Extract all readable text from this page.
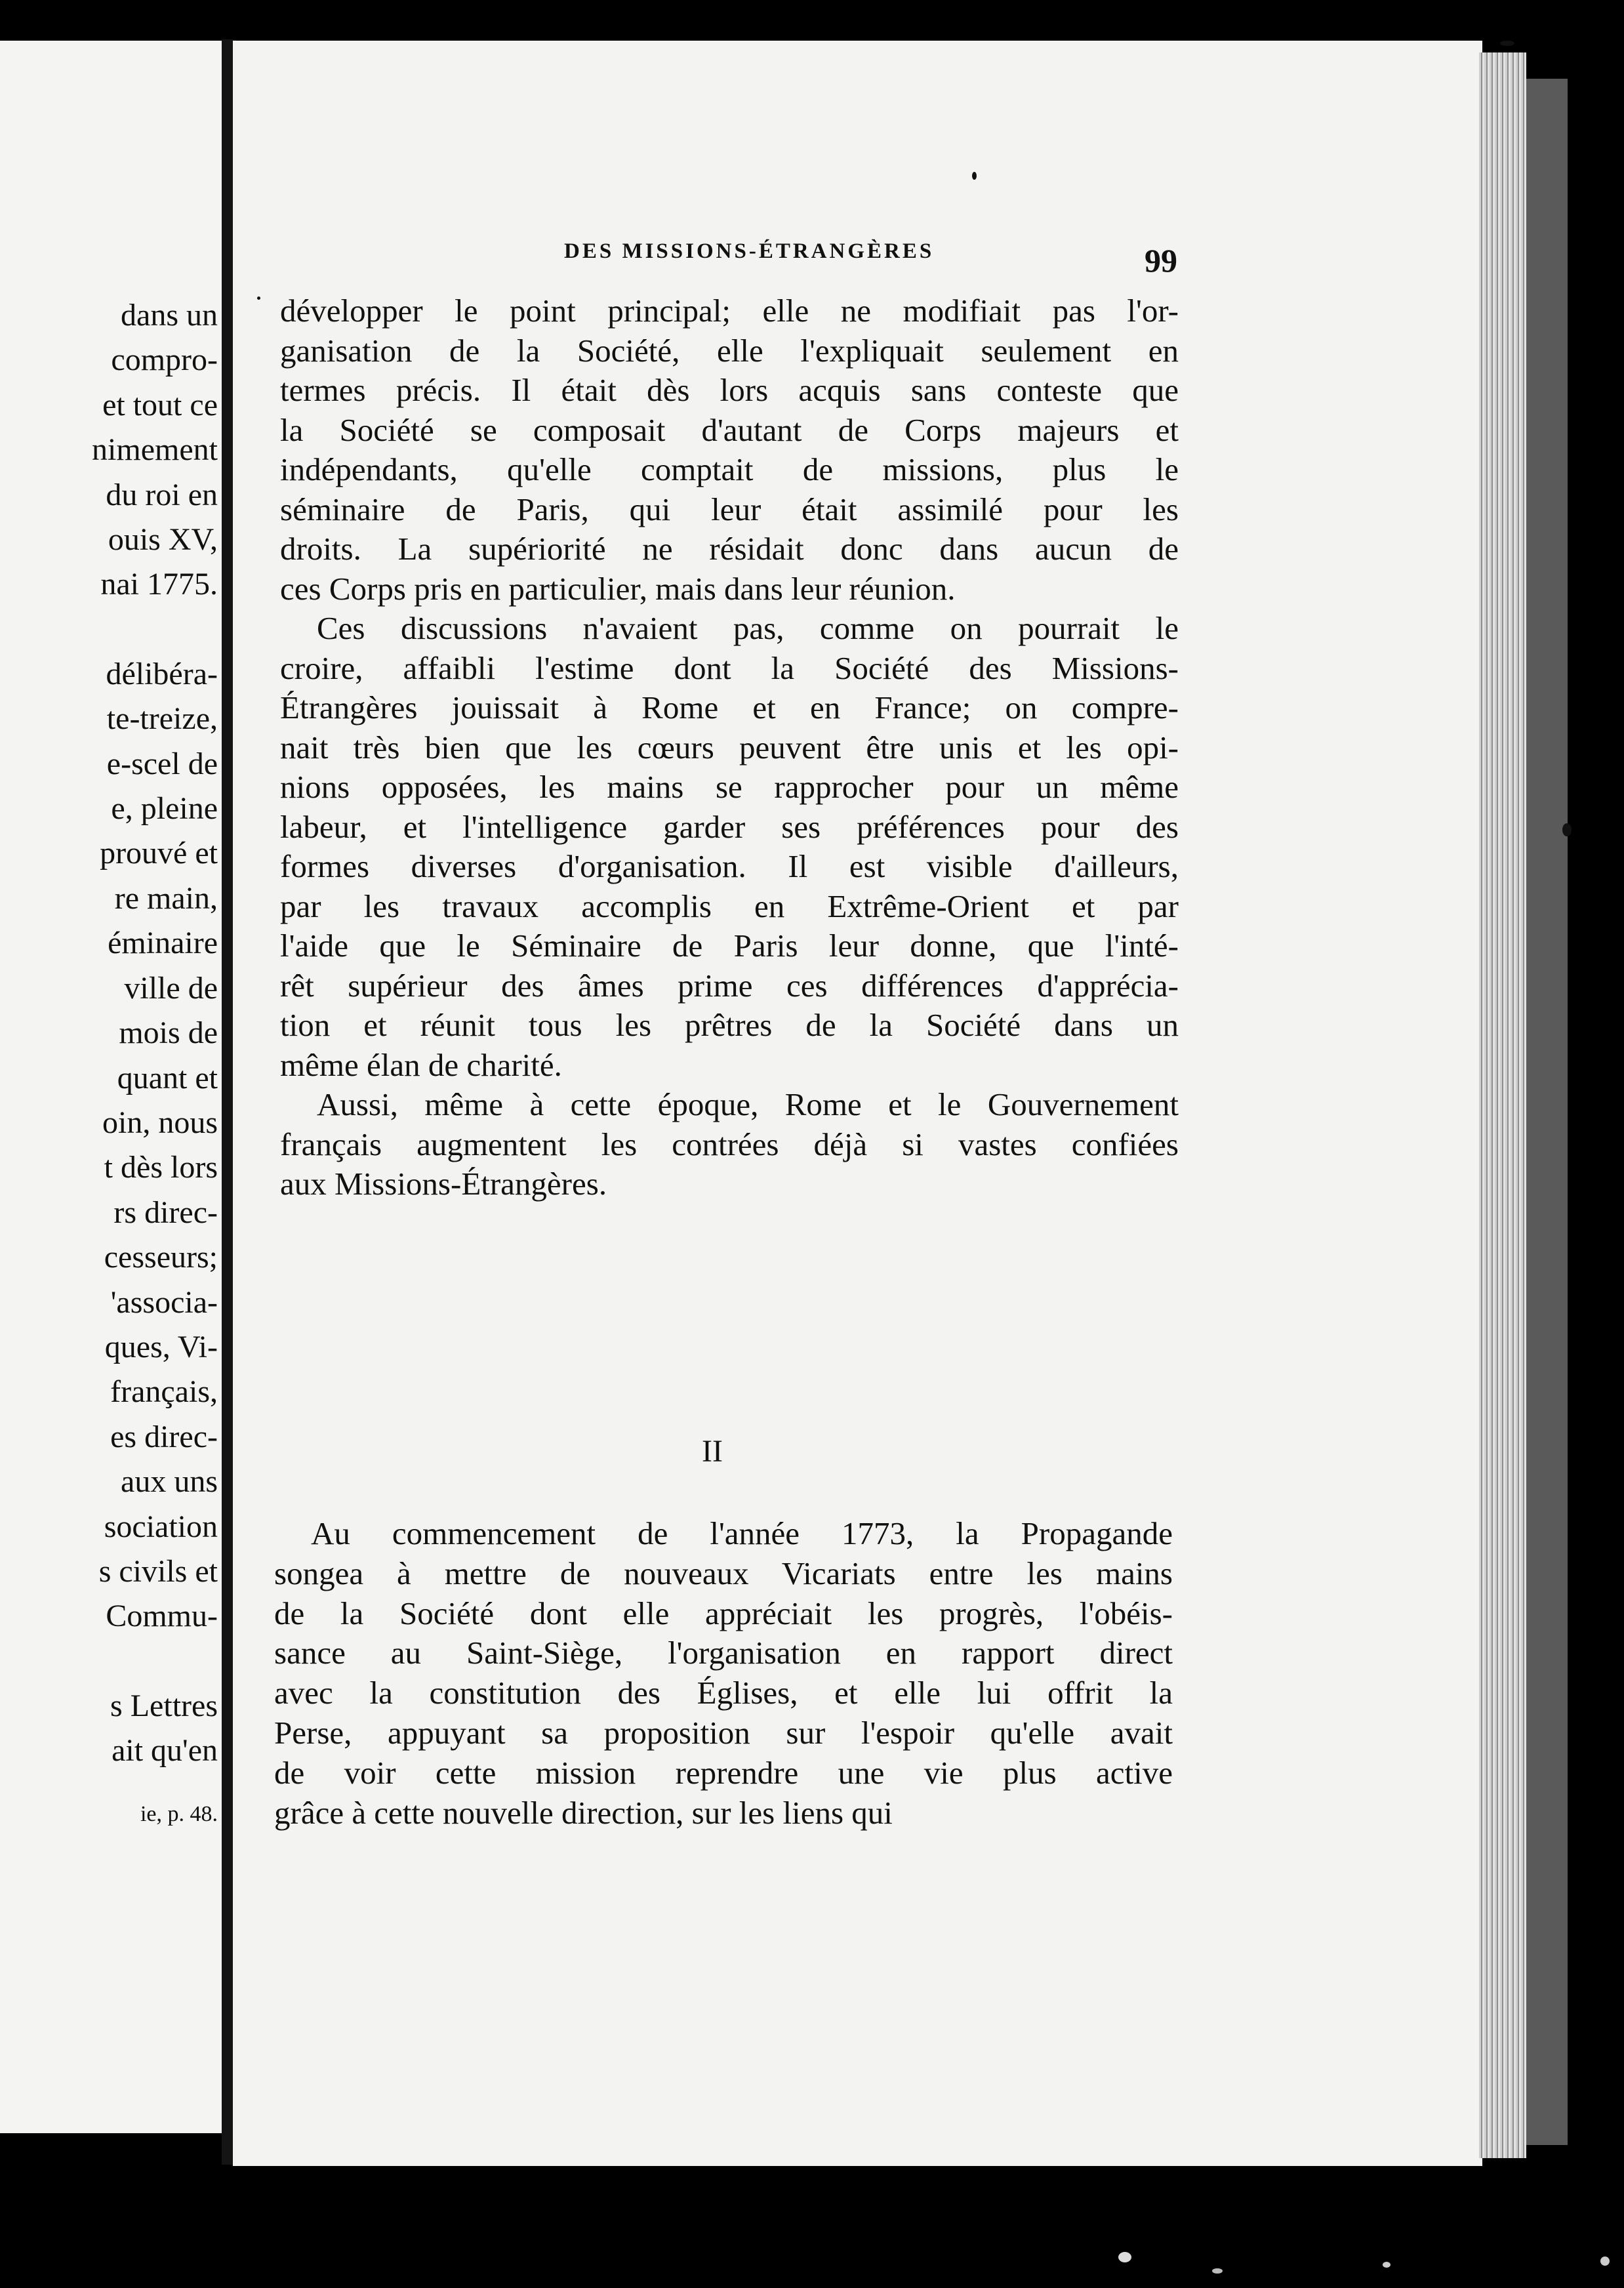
dans un
compro-
et tout ce
nimement
du roi en
ouis XV,
nai 1775.
délibéra-
te-treize,
e-scel de
e, pleine
prouvé et
re main,
éminaire
ville de
mois de
quant et
oin, nous
t dès lors
rs direc-
cesseurs;
'associa-
ques, Vi-
français,
es direc-
aux uns
sociation
s civils et
Commu-
s Lettres
ait qu'en
ie, p. 48.
DES MISSIONS-ÉTRANGÈRES	99
développer le point principal; elle ne modifiait pas l'or-
ganisation de la Société, elle l'expliquait seulement en
termes précis. Il était dès lors acquis sans conteste que
la Société se composait d'autant de Corps majeurs et
indépendants, qu'elle comptait de missions, plus le
séminaire de Paris, qui leur était assimilé pour les
droits. La supériorité ne résidait donc dans aucun de
ces Corps pris en particulier, mais dans leur réunion.
Ces discussions n'avaient pas, comme on pourrait le
croire, affaibli l'estime dont la Société des Missions-
Étrangères jouissait à Rome et en France; on compre-
nait très bien que les cœurs peuvent être unis et les opi-
nions opposées, les mains se rapprocher pour un même
labeur, et l'intelligence garder ses préférences pour des
formes diverses d'organisation. Il est visible d'ailleurs,
par les travaux accomplis en Extrême-Orient et par
l'aide que le Séminaire de Paris leur donne, que l'inté-
rêt supérieur des âmes prime ces différences d'apprécia-
tion et réunit tous les prêtres de la Société dans un
même élan de charité.
Aussi, même à cette époque, Rome et le Gouvernement
français augmentent les contrées déjà si vastes confiées
aux Missions-Étrangères.
II
Au commencement de l'année 1773, la Propagande
songea à mettre de nouveaux Vicariats entre les mains
de la Société dont elle appréciait les progrès, l'obéis-
sance au Saint-Siège, l'organisation en rapport direct
avec la constitution des Églises, et elle lui offrit la
Perse, appuyant sa proposition sur l'espoir qu'elle avait
de voir cette mission reprendre une vie plus active
grâce à cette nouvelle direction, sur les liens qui
